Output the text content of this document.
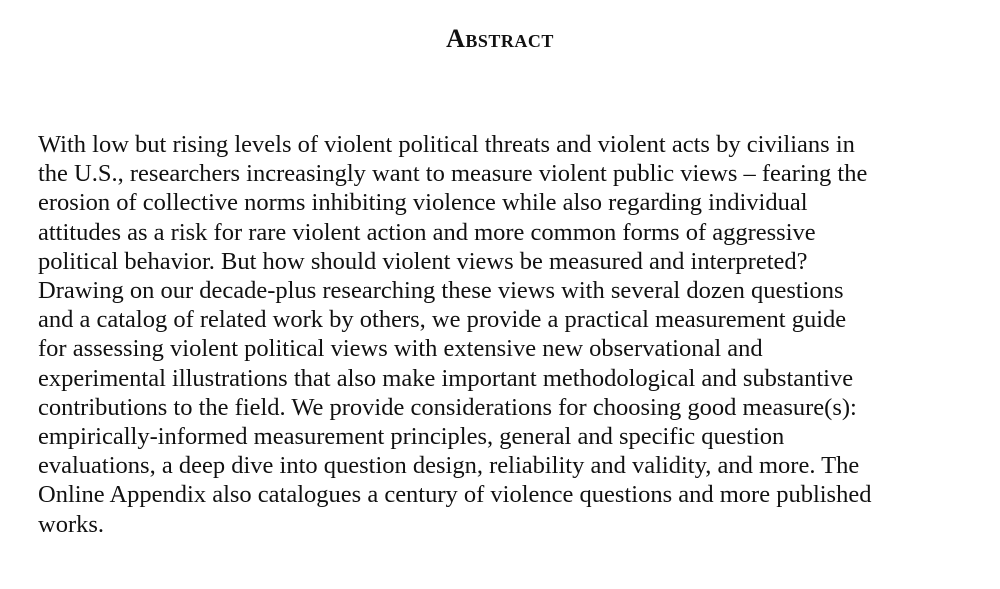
Abstract

With low but rising levels of violent political threats and violent acts by civilians in
the U.S., researchers increasingly want to measure violent public views – fearing the
erosion of collective norms inhibiting violence while also regarding individual
attitudes as a risk for rare violent action and more common forms of aggressive
political behavior. But how should violent views be measured and interpreted?
Drawing on our decade-plus researching these views with several dozen questions
and a catalog of related work by others, we provide a practical measurement guide
for assessing violent political views with extensive new observational and
experimental illustrations that also make important methodological and substantive
contributions to the field. We provide considerations for choosing good measure(s):
empirically-informed measurement principles, general and specific question
evaluations, a deep dive into question design, reliability and validity, and more. The
Online Appendix also catalogues a century of violence questions and more published
works.
